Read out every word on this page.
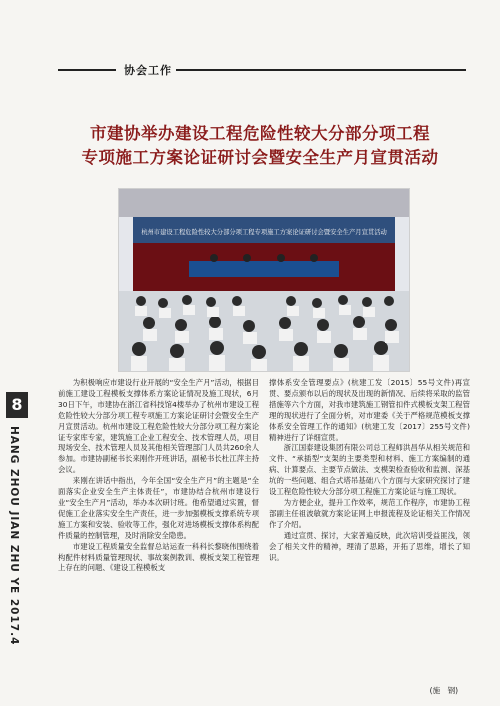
协会工作
市建协举办建设工程危险性较大分部分项工程
专项施工方案论证研讨会暨安全生产月宣贯活动
杭州市建设工程危险性较大分部分项工程专项施工方案论证研讨会暨安全生产月宣贯活动
8
HANG ZHOU JIAN ZHU YE 2017.4

为积极响应市建设行业开展的“安全生产月”活动，根据目前施工建设工程模板支撑体系方案论证情况及施工现状，6月30日下午，市建协在浙江省科技馆4楼举办了杭州市建设工程危险性较大分部分项工程专项施工方案论证研讨会暨安全生产月宣贯活动。杭州市建设工程危险性较大分部分项工程方案论证专家库专家，建筑施工企业工程安全、技术管理人员，项目现场安全、技术管理人员及其他相关管理部门人员共260余人参加。市建协副秘书长来刚作开班讲话，副秘书长杜江萍主持会议。

来刚在讲话中指出，今年全国“安全生产月”的主题是“全面落实企业安全生产主体责任”，市建协结合杭州市建设行业“安全生产月”活动，举办本次研讨班。他希望通过实置，督促施工企业落实安全生产责任，进一步加强模板支撑系统专项施工方案和安装、验收等工作，强化对进场模板支撑体系构配件质量的控制管理，及时消除安全隐患。

市建设工程质量安全监督总站运查一科科长黎晓伟围绕着构配件材料质量管理现状、事故案例教训、模板支架工程管理上存在的问题、《建设工程模板支

撑体系安全管理要点》(杭建工发〔2015〕55号文件)再宣贯、要点颁布以后的现状及出现的新情况、后续将采取的监管措施等六个方面，对我市建筑施工钢管扣件式模板支架工程管理的现状进行了全面分析，对市建委《关于严格规范模板支撑体系安全管理工作的通知》(杭建工发〔2017〕255号文件)精神进行了详细宣贯。

浙江国泰建设集团有限公司总工程师洪昌华从相关规范和文件、“承插型”支架的主要类型和材料、施工方案编制的通病、计算要点、主要节点做法、支模架检查验收和监测、深基坑的一些问题、组合式塔吊基础八个方面与大家研究探讨了建设工程危险性较大分部分项工程施工方案论证与施工现状。

为方便企业，提升工作效率，规范工作程序，市建协工程部副主任祖波敏就方案论证网上申报流程及论证相关工作情况作了介绍。

通过宣贯、探讨，大家普遍反映，此次培训受益匪浅，领会了相关文件的精神，理清了思路，开拓了思维，增长了知识。

(施　钢)
